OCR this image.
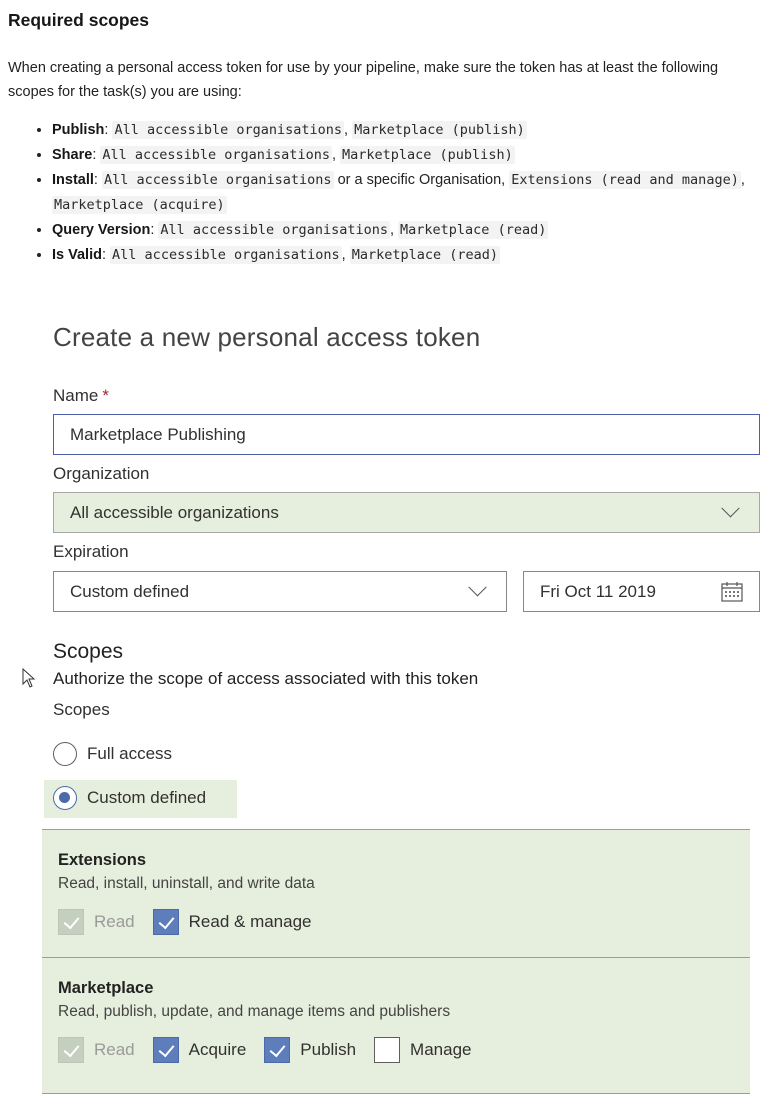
Required scopes
When creating a personal access token for use by your pipeline, make sure the token has at least the following scopes for the task(s) you are using:
• Publish: All accessible organisations , Marketplace (publish)
• Share: All accessible organisations , Marketplace (publish)
• Install: All accessible organisations or a specific Organisation, Extensions (read and manage) , Marketplace (acquire)
• Query Version: All accessible organisations , Marketplace (read)
• Is Valid: All accessible organisations , Marketplace (read)
Create a new personal access token
Name *
Marketplace Publishing
Organization
All accessible organizations
Expiration
Custom defined	Fri Oct 11 2019
Scopes
Authorize the scope of access associated with this token
Scopes
Full access
Custom defined
Extensions
Read, install, uninstall, and write data
Read	Read & manage
Marketplace
Read, publish, update, and manage items and publishers
Read	Acquire	Publish	Manage
